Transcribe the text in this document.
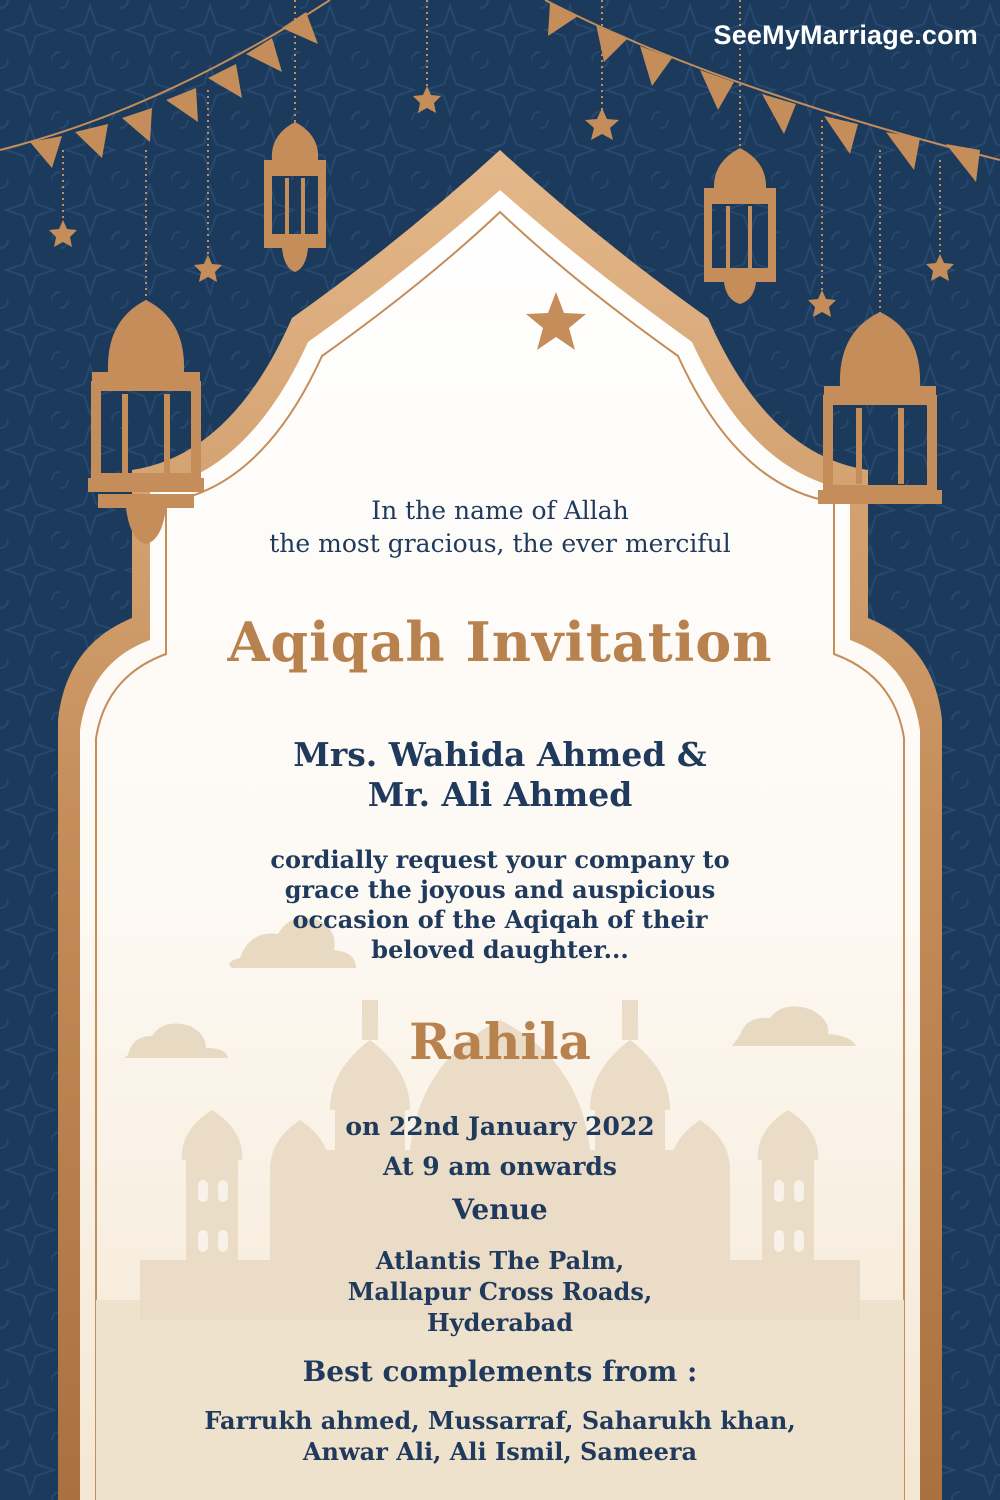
SeeMyMarriage.com
In the name of Allah
the most gracious, the ever merciful
Aqiqah Invitation
Mrs. Wahida Ahmed &
Mr. Ali Ahmed
cordially request your company to
grace the joyous and auspicious
occasion of the Aqiqah of their
beloved daughter...
Rahila
on 22nd January 2022
At 9 am onwards
Venue
Atlantis The Palm,
Mallapur Cross Roads,
Hyderabad
Best complements from :
Farrukh ahmed, Mussarraf, Saharukh khan,
Anwar Ali, Ali Ismil, Sameera
